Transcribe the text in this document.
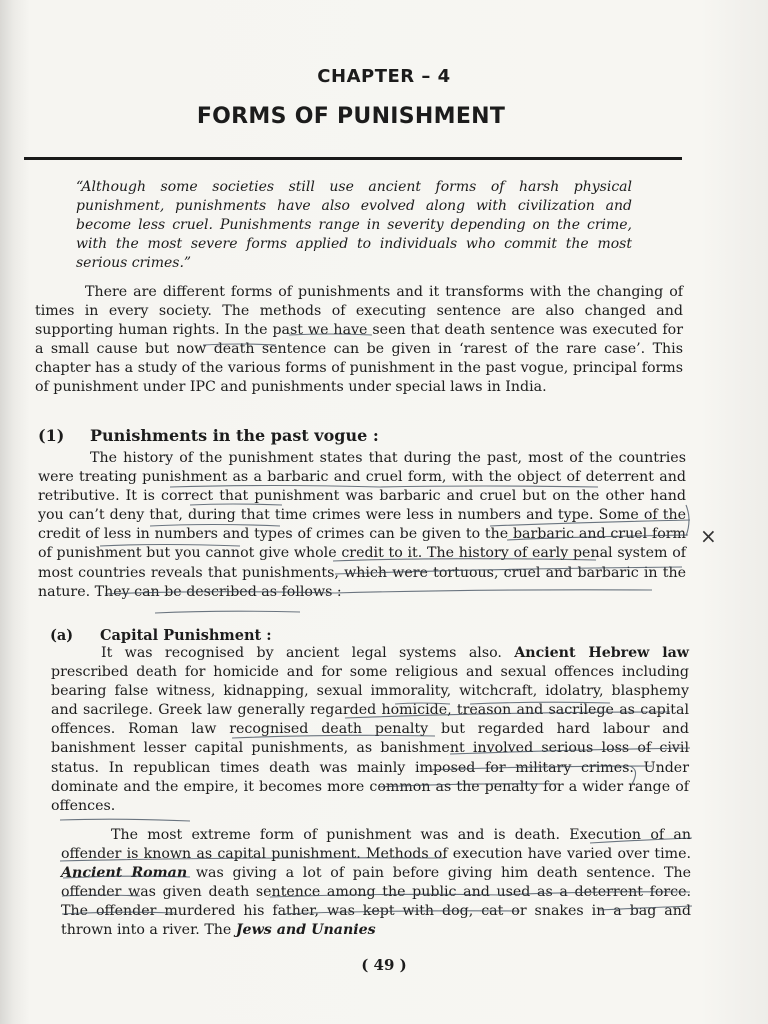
CHAPTER – 4
FORMS OF PUNISHMENT
“Although some societies still use ancient forms of harsh physical punishment, punishments have also evolved along with civilization and become less cruel. Punishments range in severity depending on the crime, with the most severe forms applied to individuals who commit the most serious crimes.”
There are different forms of punishments and it transforms with the changing of times in every society. The methods of executing sentence are also changed and supporting human rights. In the past we have seen that death sentence was executed for a small cause but now death sentence can be given in ‘rarest of the rare case’. This chapter has a study of the various forms of punishment in the past vogue, principal forms of punishment under IPC and punishments under special laws in India.
(1) Punishments in the past vogue :
The history of the punishment states that during the past, most of the countries were treating punishment as a barbaric and cruel form, with the object of deterrent and retributive. It is correct that punishment was barbaric and cruel but on the other hand you can’t deny that, during that time crimes were less in numbers and type. Some of the credit of less in numbers and types of crimes can be given to the barbaric and cruel form of punishment but you cannot give whole credit to it. The history of early penal system of most countries reveals that punishments, which were tortuous, cruel and barbaric in the nature. They can be described as follows :
(a) Capital Punishment :
It was recognised by ancient legal systems also. Ancient Hebrew law prescribed death for homicide and for some religious and sexual offences including bearing false witness, kidnapping, sexual immorality, witchcraft, idolatry, blasphemy and sacrilege. Greek law generally regarded homicide, treason and sacrilege as capital offences. Roman law recognised death penalty but regarded hard labour and banishment lesser capital punishments, as banishment involved serious loss of civil status. In republican times death was mainly imposed for military crimes. Under dominate and the empire, it becomes more common as the penalty for a wider range of offences.
The most extreme form of punishment was and is death. Execution of an offender is known as capital punishment. Methods of execution have varied over time. Ancient Roman was giving a lot of pain before giving him death sentence. The offender was given death sentence among the public and used as a deterrent force. The offender murdered his father, was kept with dog, cat or snakes in a bag and thrown into a river. The Jews and Unanies
×
( 49 )
